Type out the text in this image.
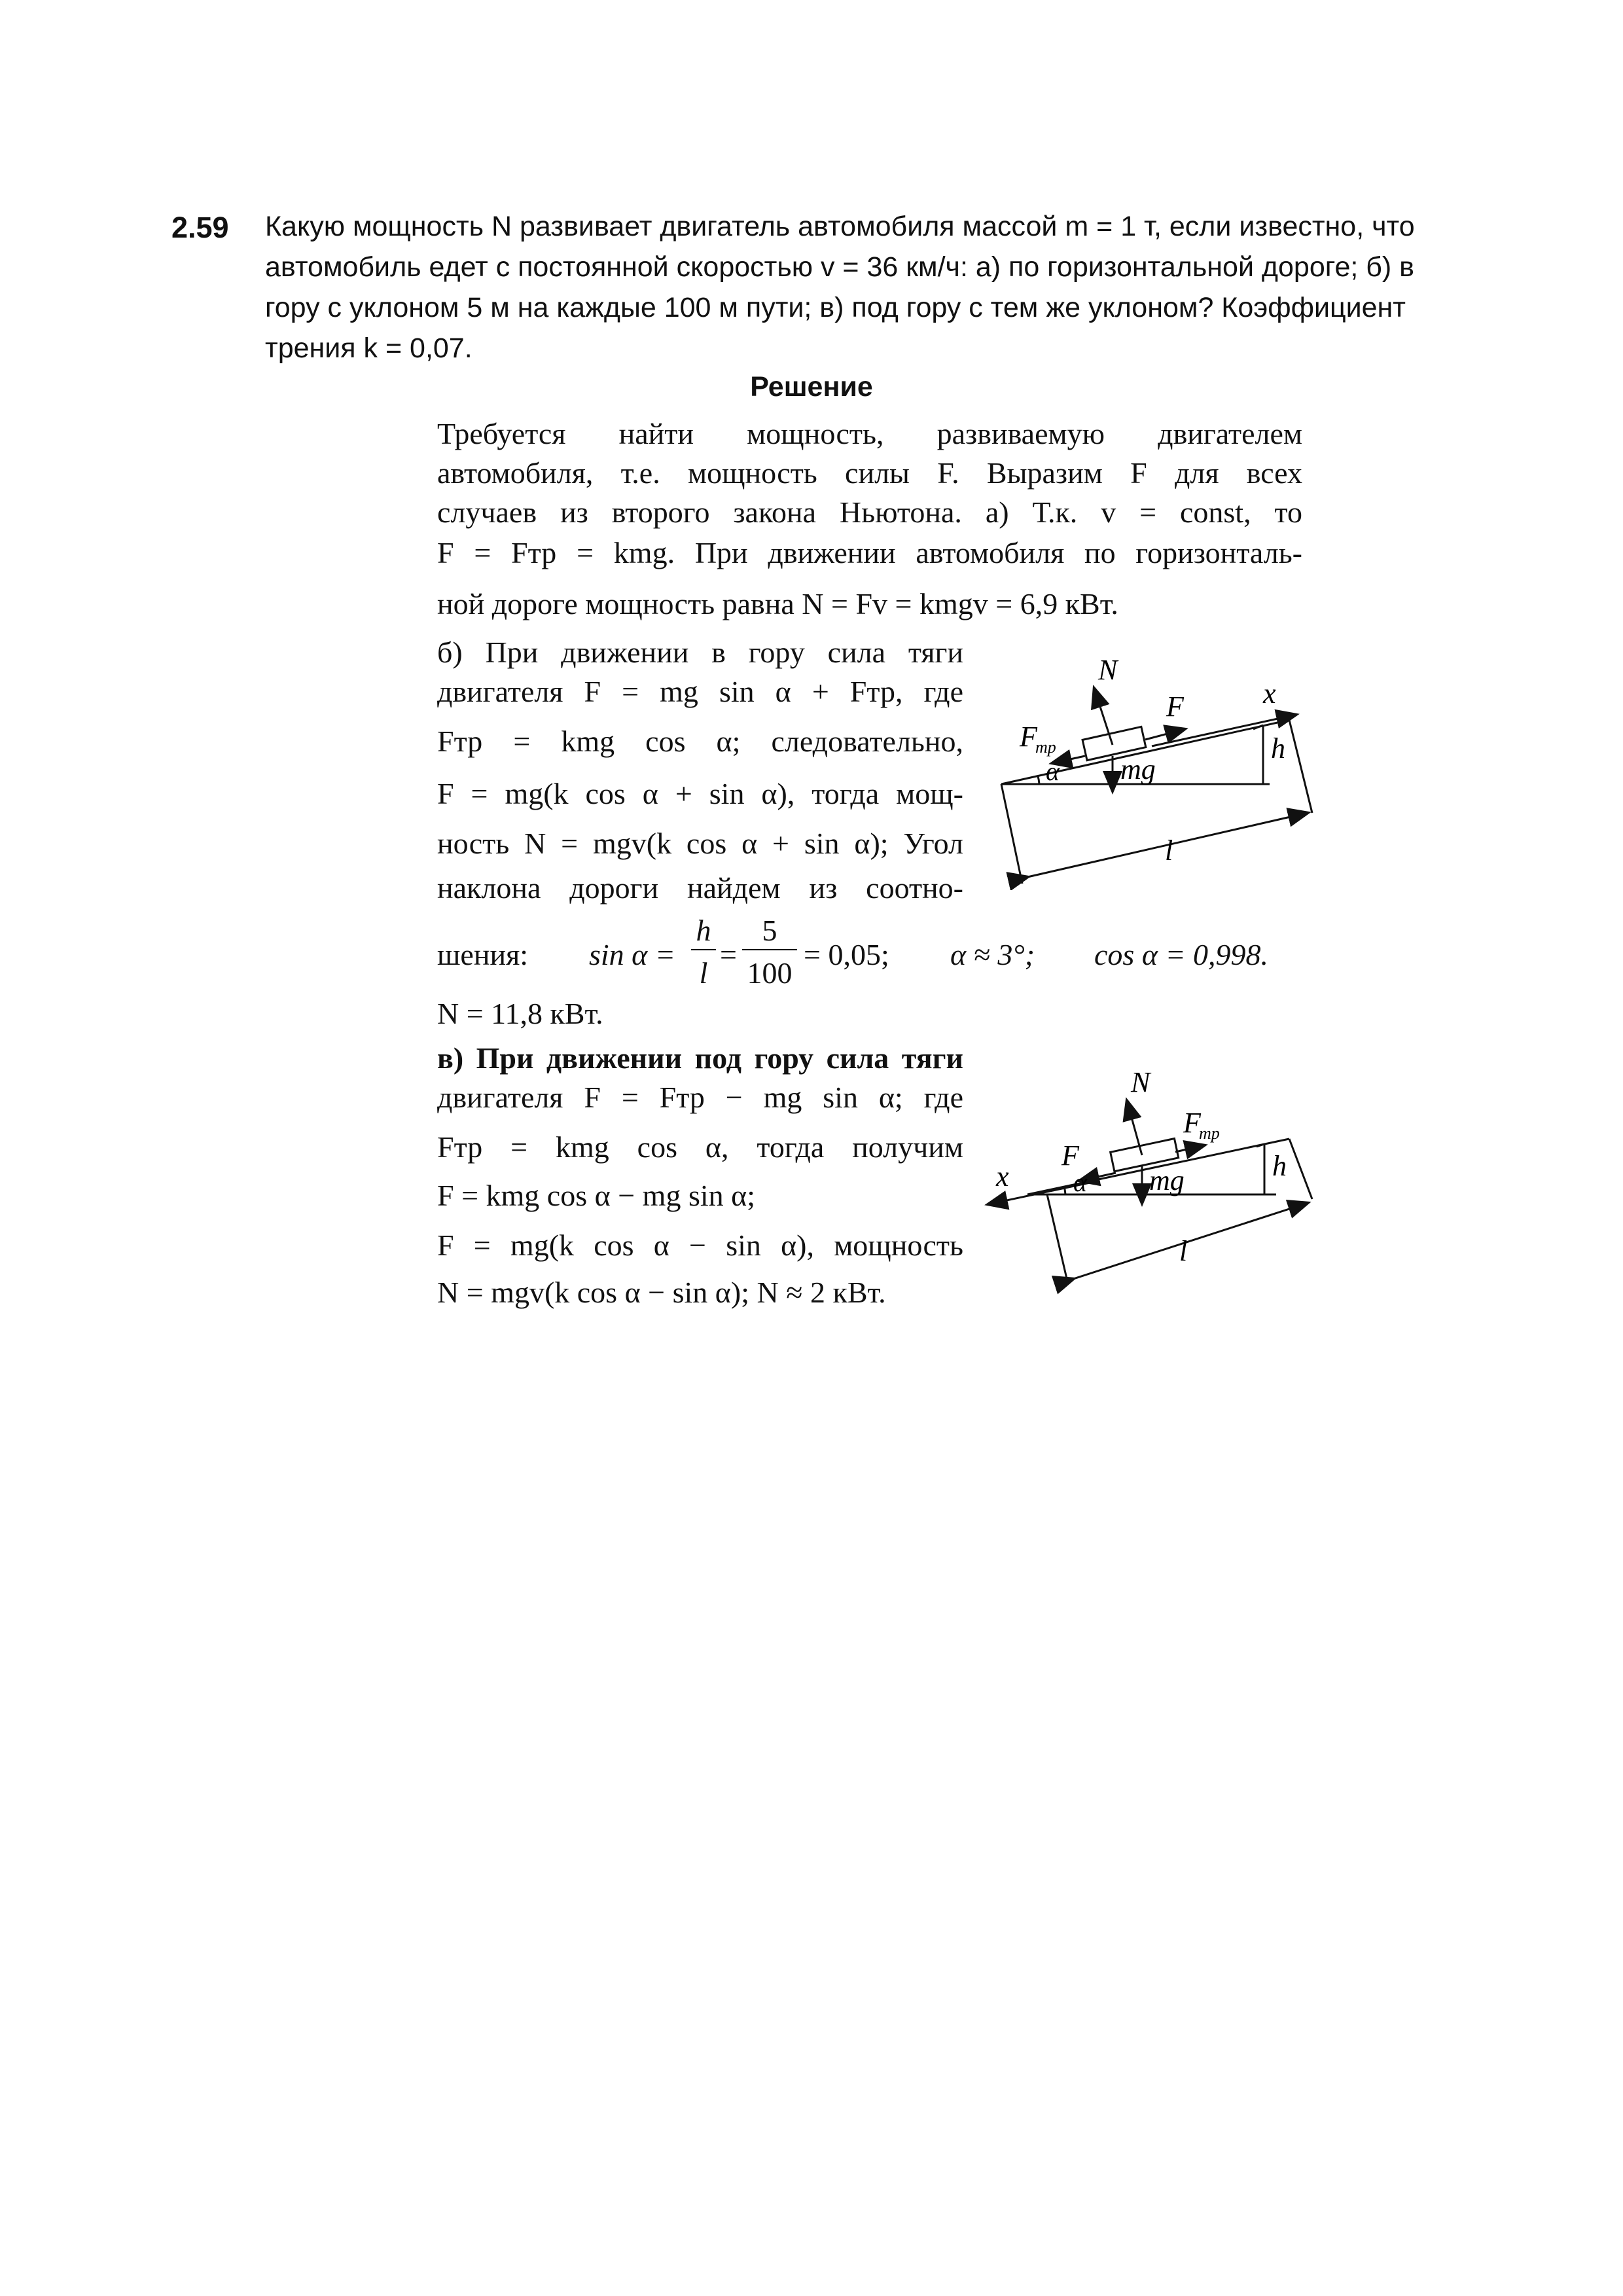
2.59 Какую мощность N развивает двигатель автомобиля массой m = 1 т, если известно, что
автомобиль едет с постоянной скоростью v = 36 км/ч: а) по горизонтальной дороге; б) в
гору с уклоном 5 м на каждые 100 м пути; в) под гору с тем же уклоном? Коэффициент
трения k = 0,07.
Решение
Требуется найти мощность, развиваемую двигателем
автомобиля, т.е. мощность силы F. Выразим F для всех
случаев из второго закона Ньютона. а) Т.к. v = const, то
F = Fтр = kmg. При движении автомобиля по горизонталь-
ной дороге мощность равна N = Fv = kmgv = 6,9 кВт.
б) При движении в гору сила тяги
двигателя F = mg sin α + Fтр, где
Fтр = kmg cos α; следовательно,
F = mg(k cos α + sin α), тогда мощ-
ность N = mgv(k cos α + sin α); Угол
наклона дороги найдем из соотно-
шения: sin α =
h
l
=
5
100
= 0,05; α ≈ 3°; cos α = 0,998.
N = 11,8 кВт.
в) При движении под гору сила тяги
двигателя F = Fтр − mg sin α; где
Fтр = kmg cos α, тогда получим
F = kmg cos α − mg sin α;
F = mg(k cos α − sin α), мощность
N = mgv(k cos α − sin α); N ≈ 2 кВт.
N
F
F
тр
mg
α
h
l
x
N
F
тр
F
mg
α
h
l
x
